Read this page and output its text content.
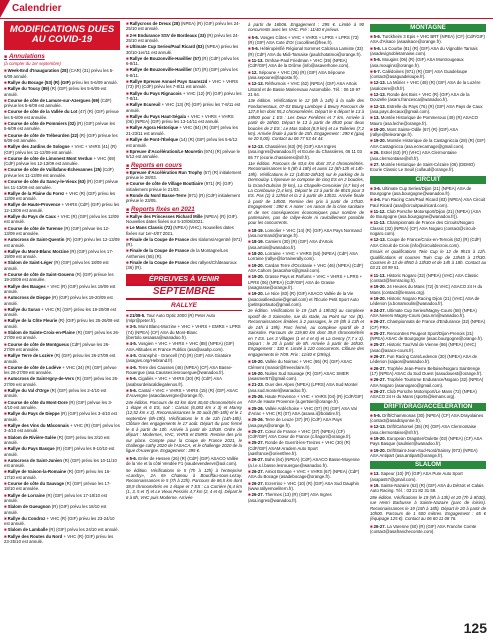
Calendrier
MODIFICATIONS DUES AU COVID-19
■ Annulations
(à compter du 1er septembre)
■Week-End d'Inauguration (28) (CAR) (31) prévu les 5-6/09 annulé.
■Rallye du Bocage (53) (R) (GIF) prévu les 5-6/09 annulé.
■Rallye du Toucy (89) (R) (GIF) prévu les 5-6/09 est annulé.
■Course de côte de Lamure-sur-Azergues (69) (CdF) prévue les 5-6/09 est annulée.
■Course de côte de la Vallée du Lot (47) (R) (GIF) prévue les 5-6/09 est annulée.
■Course de côte de Pommiers (02) (R) (GIF) prévue les 5-6/09 est annulée.
■Course de côte de Trébeurden (22) (R) (GIF) prévue les 6/09 est annulée.
■Rallye des Jardins de Sologne + VHC + VHRS (41) (R) (GIF) prévu les 11-12/09 est annulé.
■Course de côte de Limonest Mont Verdun + VHC (69) (CdF) prévue les 12-13/09 est annulée.
■Course de côte de Vuillafans-Échevannes (25) (CdF) prévue les 11-13/09 est annulée.
■Course de côte du Sancy-le-Vieux (63) (R) (GIF) prévue les 11-13/09 est annulée.
■Rallye de la Plaine du Forez + VHC (R) (GIF) prévu les 12/09 est annulé.
■Rallye de Haute-Provence + VHRS (CdF) (GIF) prévu les 12-13/09 est annulé.
■Rallye du Pays de Caux + VHC (R) (GIF) prévu les 12/09 est annulé.
■Course de côte de Turenne (R) (GIF) prévue les 12-13/09 est annulée.
■Autocross de Saint-Quentin (R) (GIF) prévu les 12-13/09 est annulé.
■Rallye du Mont-Blanc Morzine (R) (GIF) prévu les 17-19/09 est annulé.
■Slalom de Saint-Léger (R) (GIF) prévu les 18/09 est annulé.
■Course de côte de Saint-Goueno (R) (GIF) prévue les 19-20/09 est annulée.
■Rallye des Bauges + VHC (R) (GIF) prévu les 19/09 est annulé.
■Autocross de Dieppe (R) (GIF) prévu les 19-20/09 est annulé.
■Rallye du Suran + VHC (R) (GIF) prévu les 19-20/09 est annulé.
■Rallye de la Côte Fleurie (R) (GIF) prévu les 25-26/09 est annulé.
■Slalom de Sainte-Croix-en-Plaine (R) (GIF) prévu les 26-27/09 est annulé.
■Course de côte de Montgueux (CdF) prévue les 26-27/09 est annulée.
■Rallye Terre de Lozère (R) (GIF) prévu les 26-27/09 est annulé.
■Course de côte de Lodève + VHC (34) (R) (GIF) prévue les 26-27/09 est annulée.
■Autocross de Saint-Igny-de-Vers (R) (GIF) prévu les 26-27/09 est annulé.
■Rallye du Val d'Orge (R) (GIF) prévu les 2-4/10 est annulé.
■Course de côte du Mont-Dore (R) (GIF) prévue les 3-4/10 est annulée.
■Rallye du Pays de Dieppe (R) (GIF) prévu les 3-4/10 est annulé.
■Rallye des Vins du Mâconnais + VHC (R) (GIF) prévu les 3-4/10 est annulé.
■Slalom de Rivière-Salée (R) (GIF) prévu les 3/10 est annulé.
■Rallye du Pays Basque (R) (GIF) prévu les 9-10/10 est annulé.
■Autocross de Saint-Junien (R) (GIF) prévu les 10-11/10 est annulé.
■Rallye de Vaison-la-Romaine (R) (GIF) prévu les 16-17/10 est annulé.
■Course de côte du Sauvage (R) (GIF) prévue les 17-18/10 est annulée.
■Rallye de Lorraine (R) (GIF) prévu les 17-18/10 est annulé.
■Slalom de Gueugnon (R) (GIF) prévu les 18/10 est annulé.
■Rallye du Condroz + VHC (R) (GIF) prévu les 23-24/10 est annulé.
■Slalom de Lamballe (R) (GIF) prévu les 24/10 est annulé.
■Rallye des Routes du Nord + VHC (R) (GIF) prévu les 23-25/10 est annulé.
■Rallycross de Dreux (28) (NPEA) (R) (GIF) prévu les 24-25/10 est annulé.
■2-H Endurance SSV de Bordeaux (33) (R) prévu les 24-25/10 est annulé.
■Ultimate Cup Series/Paul Ricard (83) (NPEA) prévu les 30/10-1er/11 est annulé.
■Rallye de Bouzonville-Havillier (57) (R) (CdF) prévu les 6-8/11.
■Rallye de Bouzonville-Havillier (57) (R) (GIF) prévu les 6-8/11.
■Rallye Epreuve Annuel Pays Saurezzd + VHC + VHRS (73) (R) (CdF) prévu les 7-8/11 est annulé.
■Rallye du Pays Rignacois + VHC (12) (R) (GIF) prévu les 7-8/11.
■Rallye Ecureuil + VHC (13) (R) (GIF) prévu les 7-8/11 est annulé.
■Rallye du Pays Haut-Ségala + VHC + VHRS + VHRS (06) (NPEA) (GIF) prévu les 13-14/11 est annulé.
■Rallye Agora Historique + VHC (84) (R) (GIF) prévu les 21-23/11 est annulé.
■Rallye de Pont-l'Évêque (14) (R) (GIF) prévu les 5-6/12 est annulé.
■Epreuve d'Accélération/Le Mouretin (974) (R) prévue le 6/12 est annulée.
■ Reports en cours
■Epreuve d'Accélération Run Trophy (57) (R) initialement prévue le 28/03.
■Course de côte de Village Bouttiaire (971) (R) (GIF) initialement prévue le 21/03.
■Ronde du Nord Basse-Terre (971) (R) (CdF) initialement prévue le 23/05.
■ Reports fixés en 2021
■Rallye des Princesses Richard Mille (NPEA) (R) (GIF). Nouvelles dates fixées sur 5-10/06/2021.
■Le Mans Classic (72) (NPEA) (VHC). Nouvelles dates fixées sur 1er-4/07 2021.
■Finale de la Coupe de France des slaloms/Argentré (971) (R).
■Finale de la Coupe de France de la Montagne/Les Anthenies (65) (R).
■Finale de la Coupe de France des rallyes/Châteauroux (36) (R).
ÉPREUVES À VENIR
SEPTEMBRE
RALLYE
■21/08-5. Tour Auto Optic 2000 (R) Peter Auto (mlpr@peter.fr).
■3-5. Mont Blanc-Morzine + VHC + VHRS + EMRS + LPRS (74) (NPEA) (CF) ASA du Mont-Blanc (ibertolo.sesaasa@wanadoo.fr).
■4-5. Vosgien + VHC + VHRS + VHC (88) (NPEA) (GIF) ASA Altitudes et France Publics (asa@asahp.com).
■4-5. Gransphir - Grancell (74) (R) (GIF) ASA Giratoire (asagivs.org/Hebrand.fr).
■4-6. Terre des Causses (46) (NPEA) (CF) ASA Basse-Rouergue (asa.Causses.lesrouergue@wanadoo.fr).
■5-6. Cigaliès + VHC + VHRS (30) (R) (CdF) ASA (asabsurdelacaldiegalenos.fr).
■5-6. Cantal + VHC + VHRS + VHRS (15) (R) (GIF) ASAC d'Auvergne (asacdauvergne@orange.fr).
24e édition. Parcours de 63 km dont 40,60 chronométrés en 1 étape et 6 ES, soit : Carsac (6,083 km x 3) et Mansy (12,52 km x 3). Reconnaissances le 30 août (8h-18h) et le 1 septembre (8h-19h). Vérifications le 5 de 11h (14h-18h). Clôture des engagements le 17 août. Départ du parc fermé le 6 à partir de 10h. Arrivée à partir de 13h38. Ordre de départ : Modernes, VHC, VHRS et EMRS. Remise des prix sur place. Compte pour la Coupe de France 2021, le challenge cathy 2020 de l'ASACA, et le challenge 2020 de la ligue d'Auvergne. Engagement : 395 €.
■5-6. Enfer de Hessen (26) (R) (CdF) (GIF) ASACO Vallée de la Vie et la côté Vendée F1 (vaudevendeevr@aol.com).
5e édition. Vérifications le 5 (7h à 12h) à l'entreprise «Landry», 2A rte Chateau à Bouriffau-sous-Lezay. Reconnaissances le 5 (7h à 22h). Parcours de 86,5 km dont 38,9 chronométrés en 1 étape et 7 ES : La Carrière (6,4 km (1, 3, 5 et 7) et Le Vieux Pessiris 4,7 km (2, 4 et 6). Départ le 6 à 8h, VHC puis Moderne. Arrivée
à partir de 16h06. Engagement : 295 €. Limité à 90 concurrents avec les VHC. Pré : 11/40 € prévus.
■5-6. Vosges Côtes + VHC + VHRS + LPRS + LPRS (73) (R) (GIF) ASA Cote d'Or (cocollinet@free.fr).
■5-6. Hétéropérifié Régional Sommet Calcinsa Lamiste (33) (R) (CdF) ASA du Midi-Tarnaise (paulchotatmoi@orange.fr).
■11-13. Ornhae-Paul Friedman + VHC (39) (NPEA) (CdF/GIF) ASA de la Drôme (info@asaverhone.com).
■12. Sépoune + VHC (26) (R) (GIF) ASA Sépoune (asa.sepoune@laposte.fr).
■12-13. Réthurnois + VHC (62) (NPEA) (GIF) ASA Artois Littoral et de Basse Marienvaux Automobile. Tél. : 06 18 97 21 64.
13e édition. Vérifications le 12 (8h à 14h) à la salle des Fondamentaux, 07-03 Bourg-Lamboye à Beury Parcours de 127,8 km dont 55,2 chronométrés. Départ le 6 départ le 13 à 19h00 pour 1 ES : Les Deux Fenêtres et 7 km. Arrivée à partir de 16h00. Départ le 13 à partir de 8h30 pour deux boucles de 2 ES : Le Mas Sabot (8,9 km) et Le Tuileries (7,2 km). Arrivée finale à partir de 15h. Engagement : 290 € (gauj se 20 0,00). Contact au 06 77 53 44 44.
■12-13. Chassières (63) (R) (GIF) ASA Ingres (asa.ingres@wanadoo.fr) et Ecurie du Chassières, 06 11 03 65 77 (ecurie.chassieres@sfr.fr).
11e édition. Parcours de 83,6 km dont 37,4 chronométrés. Reconnaissances le 5 (8h à 18h) et aussi 12 (8h-12h et 14h-19h). Vérifications le 12 (14h30-18h10) sur le parking de la Dermoulay. L'épreuve se compose de cinq ES en 2 boucles, la Grand-Dubrian (9 km), La Chapelle-Cervoisier (4,7 km) et La Combouse (2,4 km). Départ le 13 à partir de 8h15 pour 3 ES. Pas (1) à 12h54 et la 2 à partir de 13h31. Arrivée finale à partir de 14h00. Remise des prix à partir de 17h30. Engagement : 390 €. A noter : en raison de la crise sanitaire et de ses conséquences économiques pour nombre de partenaires, pas de rallye-école ni ravitaillement possible pour les concurrents.
■18-19. Lomolier + VHC (14) (R) (GIF) ASA Pays Normand (asa.normand@orange.fr).
■18-19. Camiers (30) (R) (GIF) ASA d'Artois (asa.artois@wanadoo.fr).
■18-20. Lorraine + VHC + VHRS (54) (NPEA) (CdF) ASA Lorraine (rallye@lorrainerally.com).
■19-20. Cardan Terre d'Occitanie + VHC (46) (NPEA) (CdF) ASA Cahors (asacahors@gmail.com).
■19-20. Grasse Pays et Parfums + VHC + VHRS + LPRS + LPRS (06) (NPEA) (CdF/GIF) ASA de Grasse (asagrasse@orange.fr).
■19-20. Le Nice (83) (R) (GIF) ASACO Vallée de la Vie (asacovalleeduvie@gmail.com) et l'Écurie Petit Sport Auto (petitsportauto@gmail.com).
2e édition. Vérifications le 19 (14h à 19h30) au complexe sportif de 3 Sainsolre, rue du stade, au Point sur Yar (B). Reconnaissances limitées à 2 passages, le 19 (8h à 13h et de 14h à 19h). Parc fermé, au complexe sportif de 3 Sainsolre. Parcours de 119,80 km dont 39,8 chronométrés en 7 ES. Les 3 Villages (1 et 4 et 6) et La Genny (7,7 x 3). Départ : le 20 à partir de 8h. Arrivée à partir de 16h30. Engagement : 330 €. Limité à 120 concurrents. Clôture des engagements le 7/09. Prix : 11/40 € (29/sp).
■19-20. Vallée du Noirsec + VHC (86) (R) (GIF) ASAC Clément (manoir@freeeclaire.fr).
■19-20. Nuites Sud Sauvage (R) (GIF) ASAC SMER (asasmer57@gmail.com).
■21-23. Ouvr des Alpes (NPEA) (LPRS) ASA Sud Montel (asa.sud.montel@wanadoo.fr).
■25-26. Haute Provence + VHC + VHRS (04) (R) (CdF/GIF) ASA de Haute Provence (a.gertsier@orange.fr).
■25-26. Vallée Ardèchoise + VHC (07) (R) (GIF) ASA Val d'Ariac + VHC (R) (07) ASA (asava.i@bolatire.fr).
■25-26. Terre de Leuze (37) (R) (CdF) ASA Pays (asa.pays@orange.fr).
■25-27. Cœur de France + VHC (37) (NPEA) (CF) (CdF/GIF) ASA Cœur de France (c.llagorr@orange.fr).
■25-27. Ronde de Guerrit-les-Treizes + VHC (30) (R) (CdF/GIF) ASAM Aradem Auto Sport (aasfrance@orientfree.fr).
■26-27. Bahs (64) (NPEA) (CdF) ASACO Basse-Moyenne (a.l.e.s.l.basse.lesrouergue@wanadoo.fr).
■26-27. Amiot Bocage + VHC + VHRS (67) (NPEA) (CdF) ASA du Bocage (asadebocage@orange.fr).
■26-27. Ecrerrino + VHC (10) (R) (GIF) ASA Sud Dauphin (www.rallyemoelitern.fr).
■26-27. Thermes (13) (R) (GIF) ASA Ingres (asa.ingres@wanadoo.fr).
MONTAGNE
■5-6. Turckheim 3 Epis + VHC BRT (NPEA) (CF) (CdF/GIF) ASA d'Alsace (asaalsace@orange.fr).
■5-6. La Courbe (81) (R) (GIF) ASA du Vignoble Tarnais (asadevignobletarnaise.com).
■5-6. Mougins (06) (R) (GIF) ASA Montrougeaux (asa.mougins@orange.fr).
■6-7. Calédoines (971) (R) (GIF) ASA Guadeloupe (contact@asaguadeloupe.fr).
■12-13. La Mûrier + VHC (48) (R) (GIF) ASA de la Lozère (asalozere@sfr.fr).
■12-13. Ronde des Bois + VHC (R) (GIF) ASA de la Douzelle (asaro.francesca@wanadoo.fr).
■12-13. Estrelle du Pays (76) (R) (GIF) ASA Pays de Caux (asa.pays.decaux@gmail.com).
■13. Montée Historique de Pommeroux (49) (R) ASACO Mauro (asa.leche@orange.fr).
■19-20. Mont Sainte-Odile (67) (R) (GIF) ASA (rallye@teleorange.fr).
■19-20. Montée Historique de la Castagniccia (28) (R) (GIF) ASA Castagnicca (asa.ecrecarnage@gmail.com).
■26. Estrel (63) (R) (VHC) ASA Clermontaise (asa.clermontaise@sfr.fr).
■27. Montée Historique de Saint-Cézaire (06) (DEMO) Ecurie Classic Le Seuil (collaud@orange.fr).
CIRCUIT
■3-6. Ultimate Cup Series/Dijon (21) (NPEA) ASA de Bourgogne (asa.bourgogne@wanadoo.fr).
■4-6. Fun Racing Cars/Paul Ricard (83) (NPEA) ASA Circuit Paul Ricard (asa@circuitpaulricard.com).
■11-12. Club Porsche Motorsport/Dijon (21) (NPEA) (ASA de Bourgogne (asa.bourgogne@wanadoo.fr)).
■11-13. Championnats de France des Circuits/Nogaro Classic (32) (NPEA) (CF) ASA Nogaro (contact@circuit-nogaro.com).
■12-13. Coupe de France/Croix-en-Ternois (62) (R) (CdF) ASA Circuit de Croix (info@circuitdecroix.com).
Essais et qualifications Twin Cup le 12 de 9h15 à 12h. Qualifications et courses Twin Cup de 13h45 à 17h30. Courses le 13 de 8h50 à 13h30 et de 14h à 18h. Contact au 03 21 03 99 51.
■11-13. Historic Nogaro (32) (NPEA) (VHC) ASA Classic (contact@hvmracing.fr).
■19-20. 24 Heures du Mans (72) (5 VHC) ASACO 24 H du Mans (contact@lemans.org).
■19-20. Historic Nogaro Racing Dijon (21) (VHC) ASA de Lédenon (a.bonamoulin@wanadoo.fr).
■24-27. Ultimate Cup Series/Magny-Cours (58) (NPEA) ASA Nevers Magny-Cours (asa.nm@wanadoo.fr).
■26-27. Championnats de France d'Endurance (32) (NPEA) (CF) PRA.
■25-27. Rencontres Peugeot Sport/Dijon-Prenois (21) (NPEA) ASAC de Bourgogne (asac.bourgogne@orange.fr).
■25-27. Historic Tour/Val de Vienne (86) (NPEA) (VHC) (asac@asacv-cours.fr).
■26-27. Fun Racing Cars/Ledenon (30) (NPEA) ASA de Lédenon (sajaon@wanadoo.fr).
■26-27. Trophée Jean-Pierre Beltoise/Nogaro Saintrenge (17) (NPEA) ASAC du Sud Ouest (sasudouest@orange.fr).
■26-27. Trophée Tourisme Endurance/Nogaro (32) (NPEA) ASA Nogaro (asanogaro@gmail.com).
■26-27. Club Porsche Motorsport/Le Mans (72) (NPEA) ASACO 24 H du Mans (sports@lemans.org).
DRIFT/DRAG/ACCÉLÉRATION
■5-6. Drift/Chammonas (30) (NPEA) (CF) ASA Drayolaines (contact@asadrayonne.fr).
■12-13. Drift/Cahorsel (35) (R) (GIF) ASA Clermontaise (asa.clermontaise@sfr.fr).
■19-20. European Dragster/Oulette (03) (NPEA) (CF) ASA Pays Basque (saulnier@wanadoo.fr).
■19-20. Drift/Saint-Jean-Sud-Nord/Sainsy (973) (NPEA) ASA Antipart (asa.antipart@orange.fr).
SLALOM
■13. Sapeur (10) (R) (GIF) ASA Pure Auto Sport (asapas57@gmail.com).
■19. Sainte-Nazaire (62) (R) (GIF) ASA du Détroit et Calais Auto Racing. Tél. : 03 21 82 31 59.
28e édition. Vérifications le 19 (9h à 13h) et 20 (7h à 8h30), rue Henri Barbusse à Sainte-Nazaire (parc de loisirs). Reconnaissances le 19 (15h à 18h). Départ le 20 à partir de 10h00. Parcours de 1 500 mètres. Engagement : 65 € (équipage 125 €). Contact au 06 60 11 08 76.
■26-27. La Varenne (50) (R) (GIF) ASA Franche Comte (contact@asafranchecomte.com).
125
